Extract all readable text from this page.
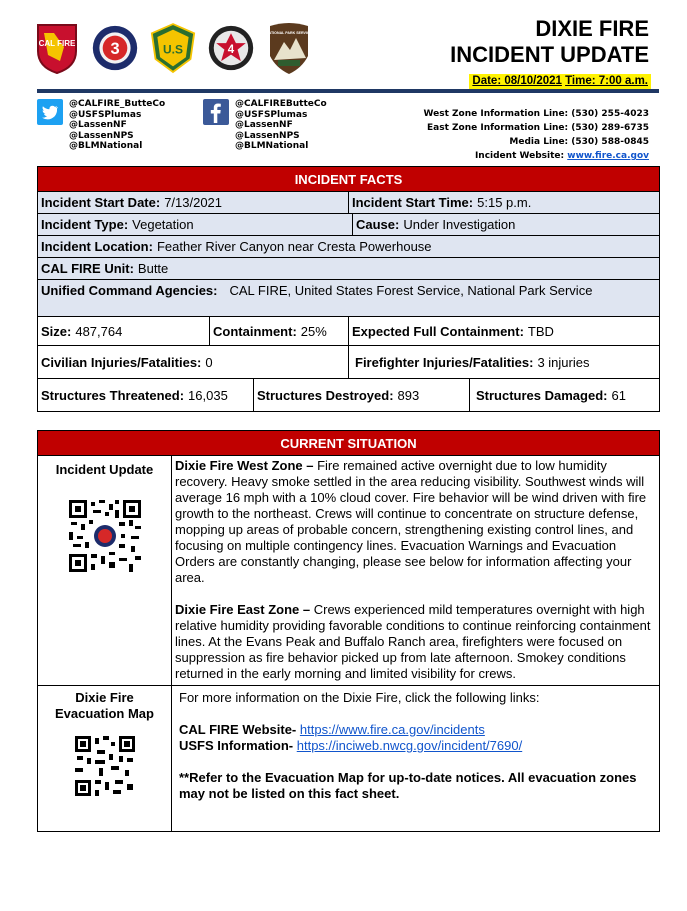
CAL FIRE 3	U.S	4
NATIONAL PARK SERVICE	DIXIE FIRE
INCIDENT UPDATE
Date: 08/10/2021 Time: 7:00 a.m.
@CALFIRE_ButteCo
@USFSPlumas
@LassenNF
@LassenNPS
@BLMNational
@CALFIREButteCo
@USFSPlumas
@LassenNF
@LassenNPS
@BLMNational
West Zone Information Line: (530) 255-4023
East Zone Information Line: (530) 289-6735
Media Line: (530) 588-0845
Incident Website: www.fire.ca.gov
INCIDENT FACTS
Incident Start Date: 7/13/2021	Incident Start Time: 5:15 p.m.
Incident Type: Vegetation	Cause: Under Investigation
Incident Location: Feather River Canyon near Cresta Powerhouse
CAL FIRE Unit: Butte
Unified Command Agencies: CAL FIRE, United States Forest Service, National Park Service
Size: 487,764	Containment: 25% Expected Full Containment: TBD
Civilian Injuries/Fatalities: 0	Firefighter Injuries/Fatalities: 3 injuries
Structures Threatened: 16,035 Structures Destroyed: 893	Structures Damaged: 61
CURRENT SITUATION
Incident Update	Dixie Fire West Zone – Fire remained active overnight due to low humidity recovery. Heavy smoke settled in the area reducing visibility. Southwest winds will average 16 mph with a 10% cloud cover. Fire behavior will be wind driven with fire growth to the northeast. Crews will continue to concentrate on structure defense, mopping up areas of probable concern, strengthening existing control lines, and focusing on multiple contingency lines. Evacuation Warnings and Evacuation Orders are constantly changing, please see below for information affecting your area.

Dixie Fire East Zone – Crews experienced mild temperatures overnight with high relative humidity providing favorable conditions to continue reinforcing containment lines. At the Evans Peak and Buffalo Ranch area, firefighters were focused on suppression as fire behavior picked up from late afternoon. Smokey conditions returned in the early morning and limited visibility for crews.

Dixie Fire
Evacuation Map

For more information on the Dixie Fire, click the following links:

CAL FIRE Website- https://www.fire.ca.gov/incidents
USFS Information- https://inciweb.nwcg.gov/incident/7690/

**Refer to the Evacuation Map for up-to-date notices. All evacuation zones may not be listed on this fact sheet.
